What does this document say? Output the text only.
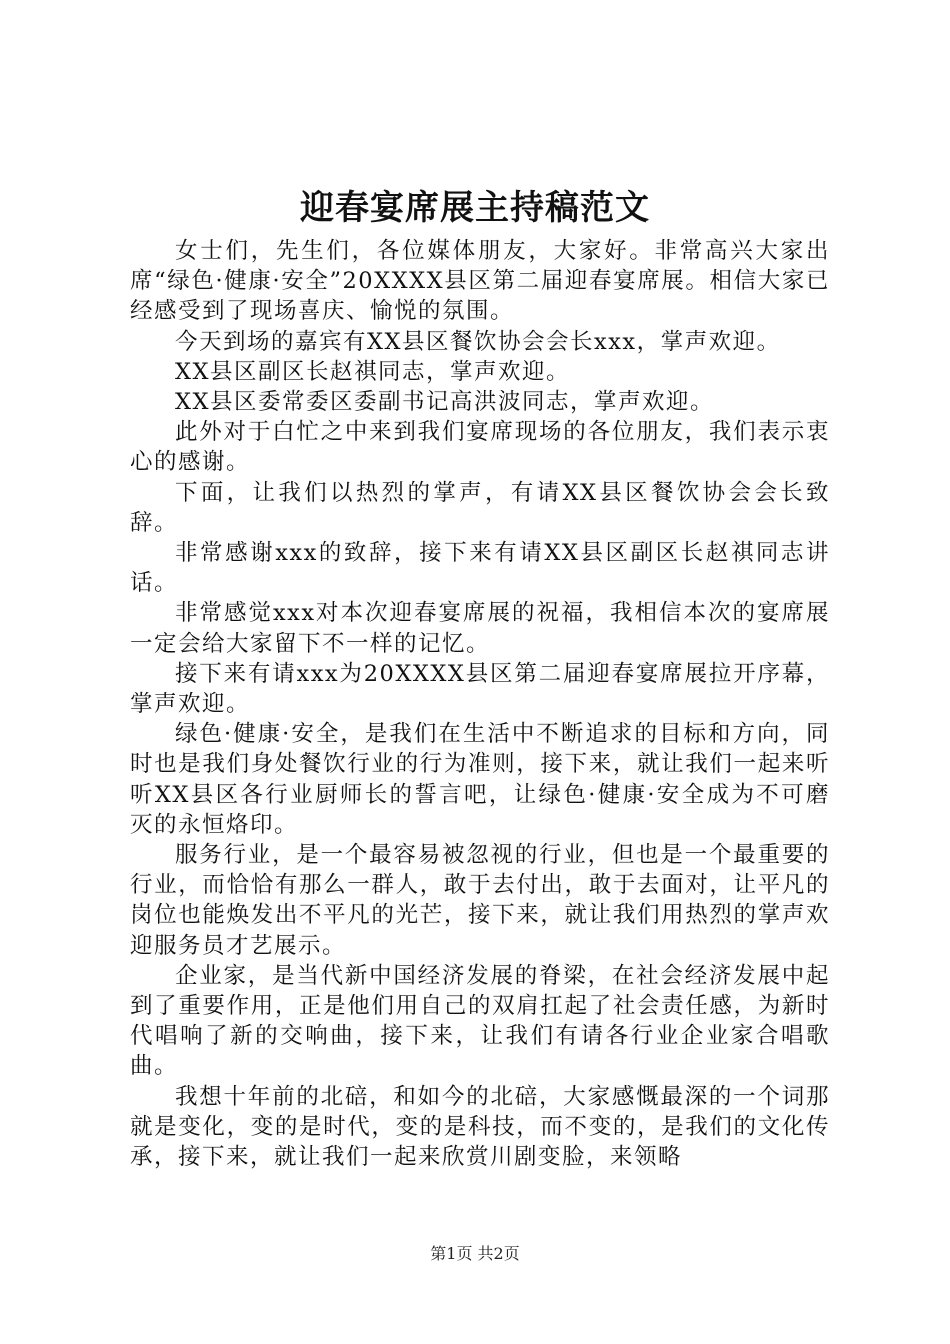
迎春宴席展主持稿范文

女士们，先生们，各位媒体朋友，大家好。非常高兴大家出席“绿色·健康·安全”20XXXX县区第二届迎春宴席展。相信大家已经感受到了现场喜庆、愉悦的氛围。

今天到场的嘉宾有XX县区餐饮协会会长xxx，掌声欢迎。

XX县区副区长赵祺同志，掌声欢迎。

XX县区委常委区委副书记高洪波同志，掌声欢迎。

此外对于白忙之中来到我们宴席现场的各位朋友，我们表示衷心的感谢。

下面，让我们以热烈的掌声，有请XX县区餐饮协会会长致辞。

非常感谢xxx的致辞，接下来有请XX县区副区长赵祺同志讲话。

非常感觉xxx对本次迎春宴席展的祝福，我相信本次的宴席展一定会给大家留下不一样的记忆。

接下来有请xxx为20XXXX县区第二届迎春宴席展拉开序幕，掌声欢迎。

绿色·健康·安全，是我们在生活中不断追求的目标和方向，同时也是我们身处餐饮行业的行为准则，接下来，就让我们一起来听听XX县区各行业厨师长的誓言吧，让绿色·健康·安全成为不可磨灭的永恒烙印。

服务行业，是一个最容易被忽视的行业，但也是一个最重要的行业，而恰恰有那么一群人，敢于去付出，敢于去面对，让平凡的岗位也能焕发出不平凡的光芒，接下来，就让我们用热烈的掌声欢迎服务员才艺展示。

企业家，是当代新中国经济发展的脊梁，在社会经济发展中起到了重要作用，正是他们用自己的双肩扛起了社会责任感，为新时代唱响了新的交响曲，接下来，让我们有请各行业企业家合唱歌曲。

我想十年前的北碚，和如今的北碚，大家感慨最深的一个词那就是变化，变的是时代，变的是科技，而不变的，是我们的文化传承，接下来，就让我们一起来欣赏川剧变脸，来领略

第1页 共2页
